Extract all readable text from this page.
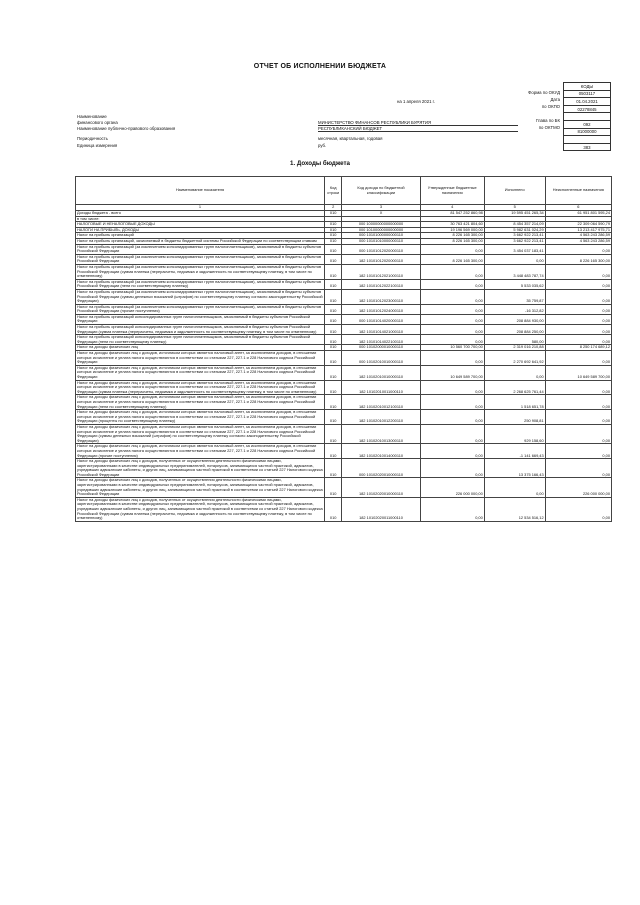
ОТЧЕТ ОБ ИСПОЛНЕНИИ БЮДЖЕТА
КОДЫ
0503117
01.04.2021
02278845

092
81000000

383
Форма по ОКУД
Дата
по ОКПО
Глава по БК
по ОКТМО
на 1 апреля 2021 г.
Наименование
финансового органа
Наименование публично-правового образования
Периодичность
Единица измерения
МИНИСТЕРСТВО ФИНАНСОВ РЕСПУБЛИКИ БУРЯТИЯ
РЕСПУБЛИКАНСКИЙ БЮДЖЕТ
месячная, квартальная, годовая
руб.
1. Доходы бюджета
Наименование показателя	Код строки	Код дохода по бюджетной классификации	Утвержденные бюджетные назначения	Исполнено	Неисполненные назначения
1	2	3	4	5	6
Доходы бюджета - всего	010	X	81 547 252 860,98	19 595 451 265,34	61 951 801 595,24
в том числе:					
НАЛОГОВЫЕ И НЕНАЛОГОВЫЕ ДОХОДЫ	010	000 10000000000000000	30 763 421 804,60	8 454 357 214,09	22 309 064 590,79
НАЛОГИ НА ПРИБЫЛЬ, ДОХОДЫ	010	000 10100000000000000	19 196 569 000,00	5 982 631 024,29	13 213 417 975,71
Налог на прибыль организаций	010	000 10101000000000110	8 226 165 300,00	3 662 922 213,41	4 563 243 286,59
Налог на прибыль организаций, зачисляемый в бюджеты бюджетной системы Российской Федерации по соответствующим ставкам	010	000 10101010000000110	8 226 165 300,00	3 662 922 213,41	4 563 243 286,59
Налог на прибыль организаций (за исключением консолидированных групп налогоплательщиков), зачисляемый в бюджеты субъектов Российской Федерации	010	000 10101012020000110	0,00	3 454 037 183,41	0,00
Налог на прибыль организаций (за исключением консолидированных групп налогоплательщиков), зачисляемый в бюджеты субъектов Российской Федерации	010	182 10101012020000110	8 226 165 300,00	0,00	8 226 165 300,00
Налог на прибыль организаций (за исключением консолидированных групп налогоплательщиков), зачисляемый в бюджеты субъектов Российской Федерации (сумма платежа (перерасчеты, недоимка и задолженность по соответствующему платежу, в том числе по отмененному)	010	182 10101012021000110	0,00	3 448 483 787,74	0,00
Налог на прибыль организаций (за исключением консолидированных групп налогоплательщиков), зачисляемый в бюджеты субъектов Российской Федерации (пени по соответствующему платежу)	010	182 10101012022100110	0,00	5 533 035,62	0,00
Налог на прибыль организаций (за исключением консолидированных групп налогоплательщиков), зачисляемый в бюджеты субъектов Российской Федерации (суммы денежных взысканий (штрафов) по соответствующему платежу согласно законодательству Российской Федерации)	010	182 10101012023000110	0,00	35 759,87	0,00
Налог на прибыль организаций (за исключением консолидированных групп налогоплательщиков), зачисляемый в бюджеты субъектов Российской Федерации (прочие поступления)	010	182 10101012024000110	0,00	-16 312,82	0,00
Налог на прибыль организаций консолидированных групп налогоплательщиков, зачисляемый в бюджеты субъектов Российской Федерации	010	000 10101014020000110	0,00	208 884 930,00	0,00
Налог на прибыль организаций консолидированных групп налогоплательщиков, зачисляемый в бюджеты субъектов Российской Федерации (сумма платежа (перерасчеты, недоимка и задолженность по соответствующему платежу, в том числе по отмененному)	010	182 10101014021000110	0,00	208 884 250,00	0,00
Налог на прибыль организаций консолидированных групп налогоплательщиков, зачисляемый в бюджеты субъектов Российской Федерации (пени по соответствующему платежу)	010	182 10101014022100110	0,00	580,00	0,00
Налог на доходы физических лиц	010	000 10102000010000110	10 560 700 700,00	2 319 016 210,88	8 250 174 689,12
Налог на доходы физических лиц с доходов, источником которых является налоговый агент, за исключением доходов, в отношении которых исчисление и уплата налога осуществляются в соответствии со статьями 227, 227.1 и 228 Налогового кодекса Российской Федерации	010	000 10102010010000110	0,00	2 270 692 641,92	0,00
Налог на доходы физических лиц с доходов, источником которых является налоговый агент, за исключением доходов, в отношении которых исчисление и уплата налога осуществляются в соответствии со статьями 227, 227.1 и 228 Налогового кодекса Российской Федерации	010	182 10102010010000110	10 649 589 700,00	0,00	10 649 589 700,00
Налог на доходы физических лиц с доходов, источником которых является налоговый агент, за исключением доходов, в отношении которых исчисление и уплата налога осуществляются в соответствии со статьями 227, 227.1 и 228 Налогового кодекса Российской Федерации (сумма платежа (перерасчеты, недоимка и задолженность по соответствующему платежу, в том числе по отмененному)	010	182 10102010011000110	0,00	2 268 625 761,44	0,00
Налог на доходы физических лиц с доходов, источником которых является налоговый агент, за исключением доходов, в отношении которых исчисление и уплата налога осуществляются в соответствии со статьями 227, 227.1 и 228 Налогового кодекса Российской Федерации (пени по соответствующему платежу)	010	182 10102010012100110	0,00	1 518 651,78	0,00
Налог на доходы физических лиц с доходов, источником которых является налоговый агент, за исключением доходов, в отношении которых исчисление и уплата налога осуществляются в соответствии со статьями 227, 227.1 и 228 Налогового кодекса Российской Федерации (проценты по соответствующему платежу)	010	182 10102010012200110	0,00	250 908,81	0,00
Налог на доходы физических лиц с доходов, источником которых является налоговый агент, за исключением доходов, в отношении которых исчисление и уплата налога осуществляются в соответствии со статьями 227, 227.1 и 228 Налогового кодекса Российской Федерации (суммы денежных взысканий (штрафов) по соответствующему платежу согласно законодательству Российской Федерации)	010	182 10102010013000110	0,00	929 158,60	0,00
Налог на доходы физических лиц с доходов, источником которых является налоговый агент, за исключением доходов, в отношении которых исчисление и уплата налога осуществляются в соответствии со статьями 227, 227.1 и 228 Налогового кодекса Российской Федерации (прочие поступления)	010	182 10102010014000110	0,00	-1 141 669,43	0,00
Налог на доходы физических лиц с доходов, полученных от осуществления деятельности физическими лицами, зарегистрированными в качестве индивидуальных предпринимателей, нотариусов, занимающихся частной практикой, адвокатов, учредивших адвокатские кабинеты, и других лиц, занимающихся частной практикой в соответствии со статьей 227 Налогового кодекса Российской Федерации	010	000 10102020010000110	0,00	13 375 166,43	0,00
Налог на доходы физических лиц с доходов, полученных от осуществления деятельности физическими лицами, зарегистрированными в качестве индивидуальных предпринимателей, нотариусов, занимающихся частной практикой, адвокатов, учредивших адвокатские кабинеты, и других лиц, занимающихся частной практикой в соответствии со статьей 227 Налогового кодекса Российской Федерации	010	182 10102020010000110	226 000 000,00	0,00	226 000 000,00
Налог на доходы физических лиц с доходов, полученных от осуществления деятельности физическими лицами, зарегистрированными в качестве индивидуальных предпринимателей, нотариусов, занимающихся частной практикой, адвокатов, учредивших адвокатские кабинеты, и других лиц, занимающихся частной практикой в соответствии со статьей 227 Налогового кодекса Российской Федерации (сумма платежа (перерасчеты, недоимка и задолженность по соответствующему платежу, в том числе по отмененному)	010	182 10102020011000110	0,00	12 534 516,12	0,00
